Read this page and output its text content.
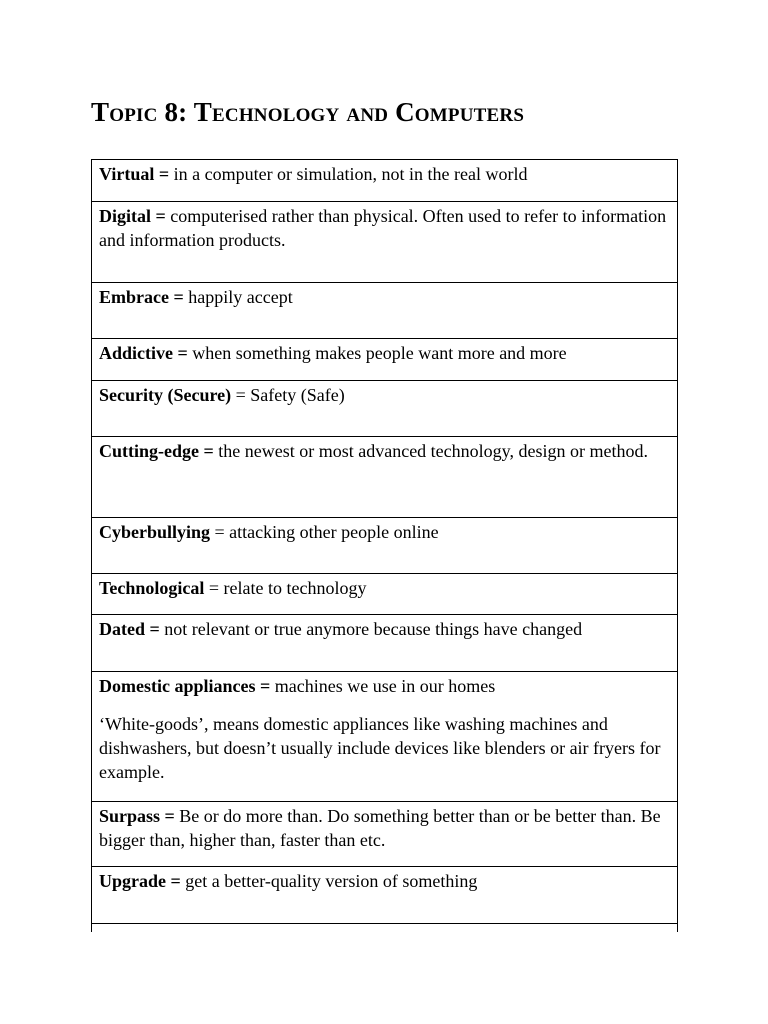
Topic 8: Technology and Computers

Virtual = in a computer or simulation, not in the real world

Digital = computerised rather than physical. Often used to refer to information and information products.

Embrace = happily accept

Addictive = when something makes people want more and more

Security (Secure) = Safety (Safe)

Cutting-edge = the newest or most advanced technology, design or method.

Cyberbullying = attacking other people online

Technological = relate to technology

Dated = not relevant or true anymore because things have changed

Domestic appliances = machines we use in our homes

‘White-goods’, means domestic appliances like washing machines and dishwashers, but doesn’t usually include devices like blenders or air fryers for example.

Surpass = Be or do more than. Do something better than or be better than. Be bigger than, higher than, faster than etc.

Upgrade = get a better-quality version of something
